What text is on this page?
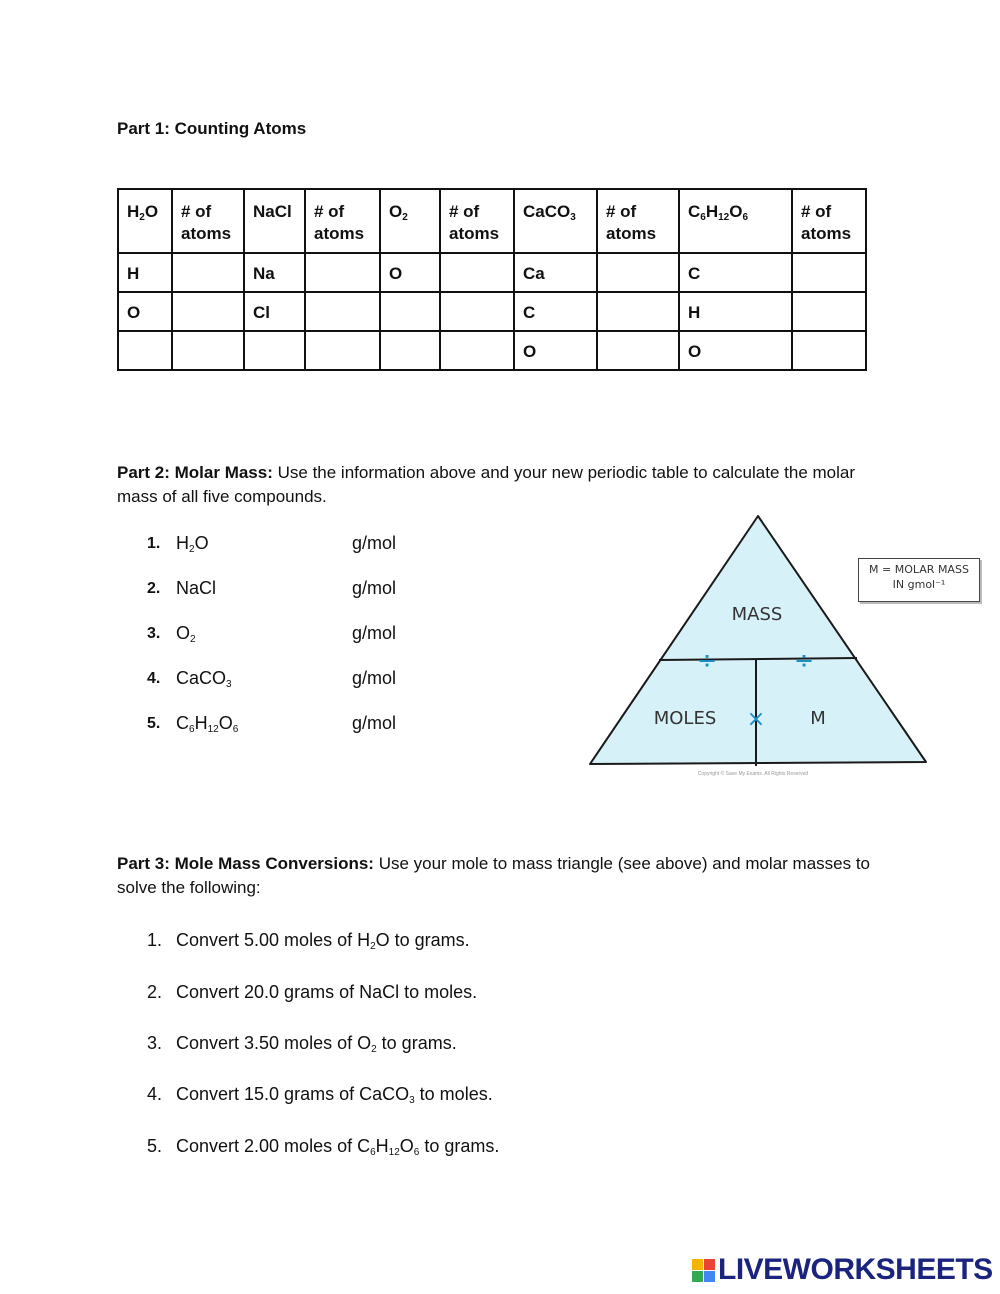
Part 1: Counting Atoms
$H_2O$	# of atoms	NaCl	# of atoms	$O_2$	# of atoms	CaCO$_3$	# of atoms	$C_6H_{12}O_6$	# of atoms
H		Na		O		Ca		C	
O		Cl				C		H	
						O		O	
Part 2: Molar Mass: Use the information above and your new periodic table to calculate the molar mass of all five compounds.
1. $H_2O$	g/mol
2. NaCl	g/mol
3. $O_2$	g/mol
4. CaCO$_3$	g/mol
5. $C_6H_{12}O_6$	g/mol
MASS
MOLES	M
÷	÷
×
Copyright © Save My Exams. All Rights Reserved
M = MOLAR MASS
IN gmol⁻¹
Part 3: Mole Mass Conversions: Use your mole to mass triangle (see above) and molar masses to solve the following:
1. Convert 5.00 moles of $H_2O$ to grams.
2. Convert 20.0 grams of NaCl to moles.
3. Convert 3.50 moles of $O_2$ to grams.
4. Convert 15.0 grams of CaCO$_3$ to moles.
5. Convert 2.00 moles of $C_6H_{12}O_6$ to grams.
LIVEWORKSHEETS
